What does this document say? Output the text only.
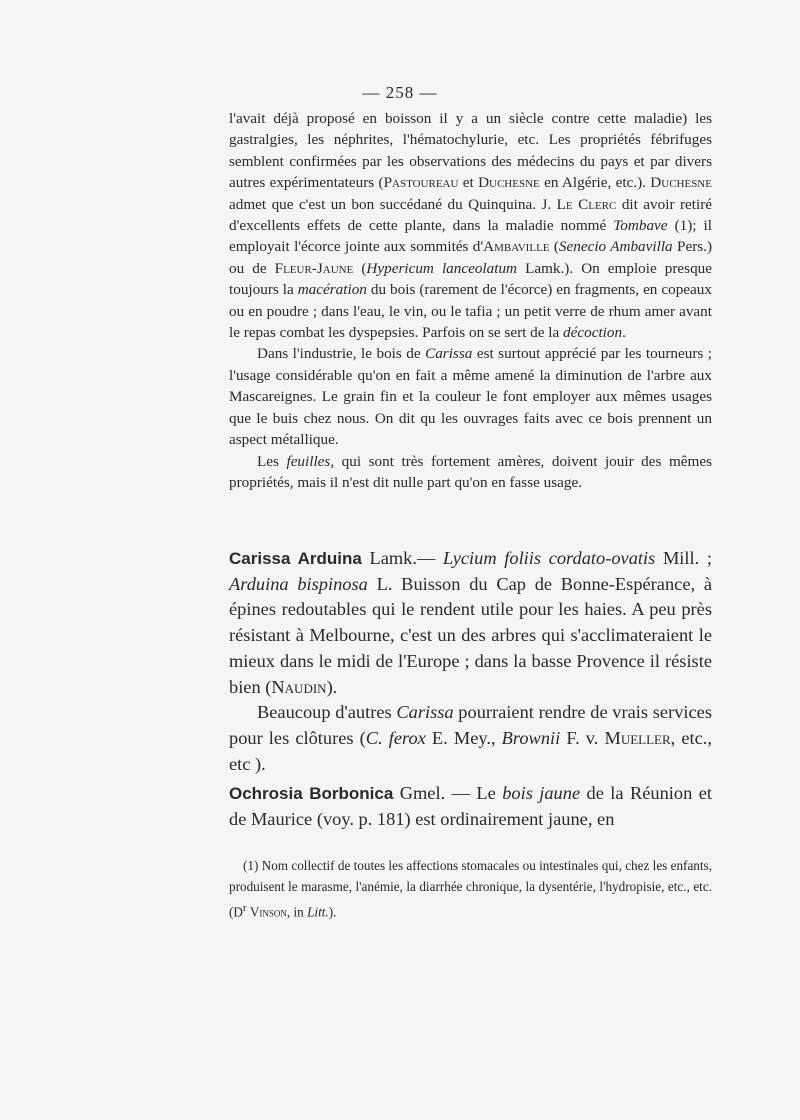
— 258 —

l'avait déjà proposé en boisson il y a un siècle contre cette maladie) les gastralgies, les néphrites, l'hématochylurie, etc. Les propriétés fébrifuges semblent confirmées par les observations des médecins du pays et par divers autres expérimentateurs (Pastoureau et Duchesne en Algérie, etc.). Duchesne admet que c'est un bon succédané du Quinquina. J. Le Clerc dit avoir retiré d'excellents effets de cette plante, dans la maladie nommé Tombave (1); il employait l'écorce jointe aux sommités d'Ambaville (Senecio Ambavilla Pers.) ou de Fleur-Jaune (Hypericum lanceolatum Lamk.). On emploie presque toujours la macération du bois (rarement de l'écorce) en fragments, en copeaux ou en poudre ; dans l'eau, le vin, ou le tafia ; un petit verre de rhum amer avant le repas combat les dyspepsies. Parfois on se sert de la décoction.

Dans l'industrie, le bois de Carissa est surtout apprécié par les tourneurs ; l'usage considérable qu'on en fait a même amené la diminution de l'arbre aux Mascareignes. Le grain fin et la couleur le font employer aux mêmes usages que le buis chez nous. On dit qu les ouvrages faits avec ce bois prennent un aspect métallique.

Les feuilles, qui sont très fortement amères, doivent jouir des mêmes propriétés, mais il n'est dit nulle part qu'on en fasse usage.

Carissa Arduina Lamk.— Lycium foliis cordato-ovatis Mill. ; Arduina bispinosa L. Buisson du Cap de Bonne-Espérance, à épines redoutables qui le rendent utile pour les haies. A peu près résistant à Melbourne, c'est un des arbres qui s'acclimateraient le mieux dans le midi de l'Europe ; dans la basse Provence il résiste bien (Naudin).

Beaucoup d'autres Carissa pourraient rendre de vrais services pour les clôtures (C. ferox E. Mey., Brownii F. v. Mueller, etc., etc ).

Ochrosia Borbonica Gmel. — Le bois jaune de la Réunion et de Maurice (voy. p. 181) est ordinairement jaune, en

(1) Nom collectif de toutes les affections stomacales ou intestinales qui, chez les enfants, produisent le marasme, l'anémie, la diarrhée chronique, la dysentérie, l'hydropisie, etc., etc. ($D^r$ Vinson, in Litt.).
